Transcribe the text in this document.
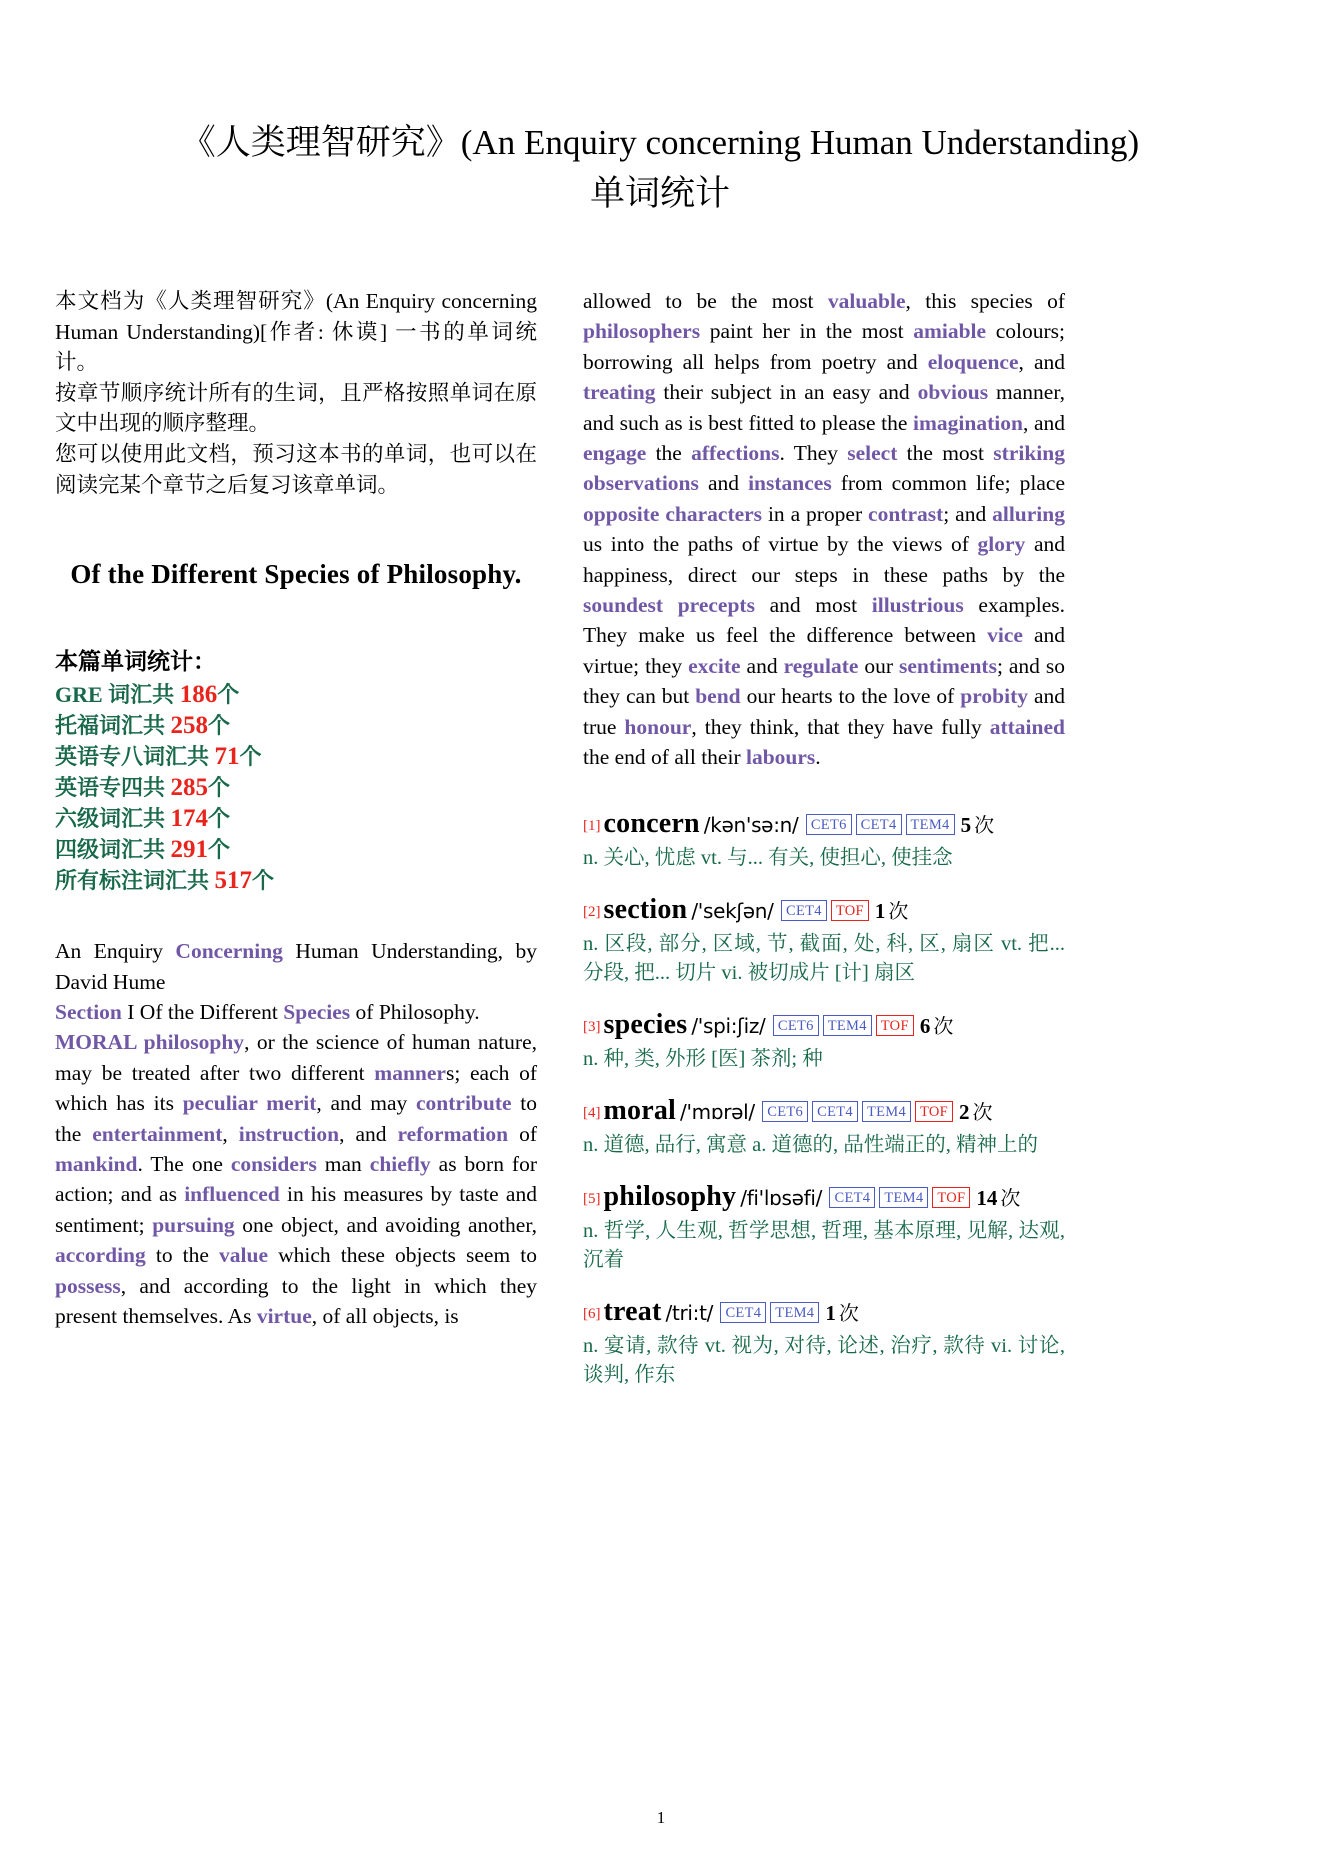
《人类理智研究》(An Enquiry concerning Human Understanding)
单词统计

本文档为《人类理智研究》(An Enquiry concerning Human Understanding)[作者: 休谟] 一书的单词统计。

按章节顺序统计所有的生词，且严格按照单词在原文中出现的顺序整理。

您可以使用此文档，预习这本书的单词，也可以在阅读完某个章节之后复习该章单词。

Of the Different Species of Philosophy.
本篇单词统计：
GRE 词汇共 186个
托福词汇共 258个
英语专八词汇共 71个
英语专四共 285个
六级词汇共 174个
四级词汇共 291个
所有标注词汇共 517个
An Enquiry Concerning Human Understanding, by David Hume
Section I Of the Different Species of Philosophy.
MORAL philosophy, or the science of human nature, may be treated after two different manners; each of which has its peculiar merit, and may contribute to the entertainment, instruction, and reformation of mankind. The one considers man chiefly as born for action; and as influenced in his measures by taste and sentiment; pursuing one object, and avoiding another, according to the value which these objects seem to possess, and according to the light in which they present themselves. As virtue, of all objects, is
allowed to be the most valuable, this species of philosophers paint her in the most amiable colours; borrowing all helps from poetry and eloquence, and treating their subject in an easy and obvious manner, and such as is best fitted to please the imagination, and engage the affections. They select the most striking observations and instances from common life; place opposite characters in a proper contrast; and alluring us into the paths of virtue by the views of glory and happiness, direct our steps in these paths by the soundest precepts and most illustrious examples. They make us feel the difference between vice and virtue; they excite and regulate our sentiments; and so they can but bend our hearts to the love of probity and true honour, they think, that they have fully attained the end of all their labours.
[1] concern /kən'sə:n/ CET6 CET4 TEM4 5 次
n. 关心, 忧虑 vt. 与... 有关, 使担心, 使挂念
[2] section /'sekʃən/ CET4 TOF 1 次
n. 区段, 部分, 区域, 节, 截面, 处, 科, 区, 扇区 vt. 把... 分段, 把... 切片 vi. 被切成片 [计] 扇区
[3] species /'spi:ʃiz/ CET6 TEM4 TOF 6 次
n. 种, 类, 外形 [医] 茶剂; 种
[4] moral /'mɒrəl/ CET6 CET4 TEM4 TOF 2 次
n. 道德, 品行, 寓意 a. 道德的, 品性端正的, 精神上的
[5] philosophy /fi'lɒsəfi/ CET4 TEM4 TOF 14 次
n. 哲学, 人生观, 哲学思想, 哲理, 基本原理, 见解, 达观, 沉着
[6] treat /tri:t/ CET4 TEM4 1 次
n. 宴请, 款待 vt. 视为, 对待, 论述, 治疗, 款待 vi. 讨论, 谈判, 作东
1
